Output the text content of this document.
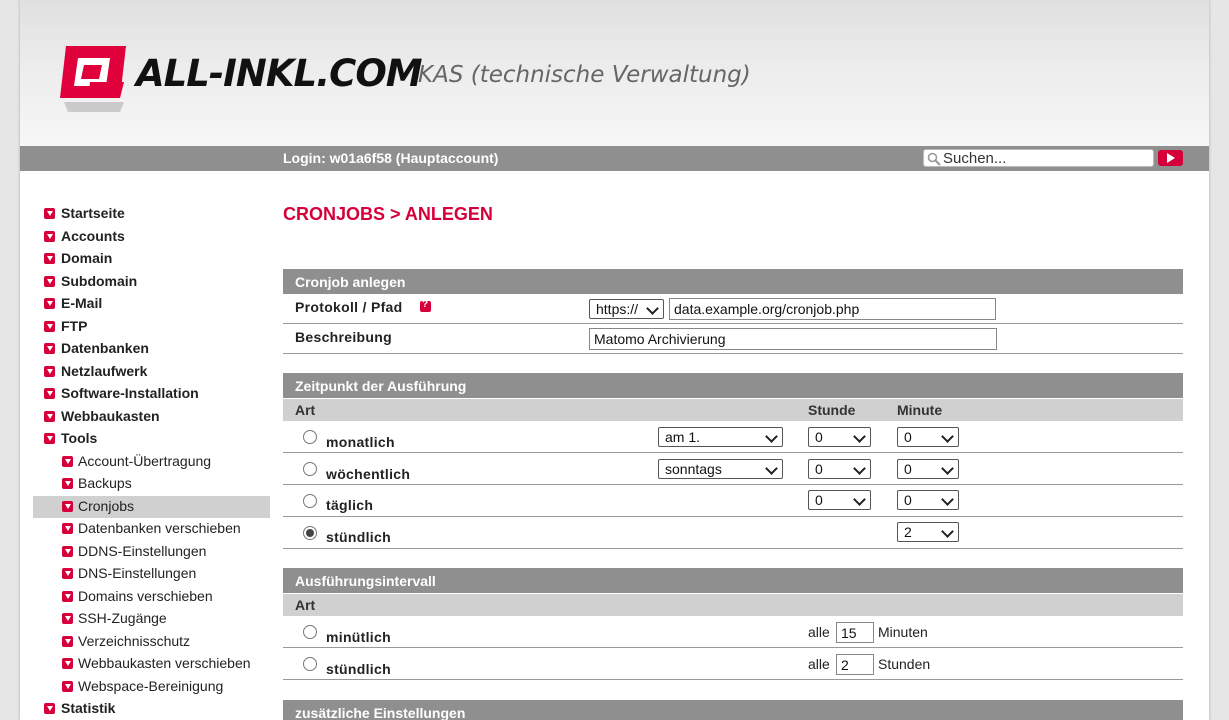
ALL-INKL.COM
KAS (technische Verwaltung)
Login: w01a6f58 (Hauptaccount)
Suchen...
Startseite
Accounts
Domain
Subdomain
E-Mail
FTP
Datenbanken
Netzlaufwerk
Software-Installation
Webbaukasten
Tools
Account-Übertragung
Backups
Cronjobs
Datenbanken verschieben
DDNS-Einstellungen
DNS-Einstellungen
Domains verschieben
SSH-Zugänge
Verzeichnisschutz
Webbaukasten verschieben
Webspace-Bereinigung
Statistik
CRONJOBS > ANLEGEN
Cronjob anlegen
Protokoll / Pfad
?	https://
data.example.org/cronjob.php
Beschreibung
Matomo Archivierung
Zeitpunkt der Ausführung
Art	Stunde	Minute
monatlich	am 1.	0	0
wöchentlich	sonntags	0	0
täglich	0	0
stündlich	2
Ausführungsintervall
Art
minütlich	alle
15	Minuten
stündlich	alle
2	Stunden
zusätzliche Einstellungen
